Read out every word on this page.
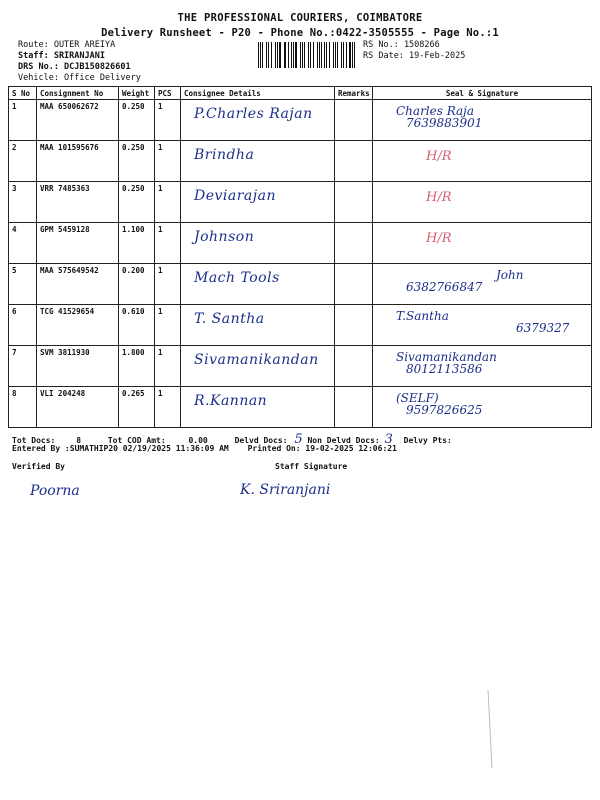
THE PROFESSIONAL COURIERS, COIMBATORE
Delivery Runsheet - P20 - Phone No.:0422-3505555 - Page No.:1
Route: OUTER AREIYA
Staff: SRIRANJANI
DRS No.: DCJB150826601
Vehicle: Office Delivery
RS No.: 1508266
RS Date: 19-Feb-2025
S No	Consignment No	Weight	PCS	Consignee Details	Remarks	Seal & Signature
1	MAA 650062672	0.250	1	P.Charles Rajan		Charles Raja
7639883901

2	MAA 101595676	0.250	1	Brindha		H/R
3	VRR 7485363	0.250	1	Deviarajan		H/R
4	GPM 5459128	1.100	1	Johnson		H/R
5	MAA 575649542	0.200	1	Mach Tools		John
6382766847

6	TCG 41529654	0.610	1	T. Santha		T.Santha
6379327

7	SVM 3811930	1.800	1	Sivamanikandan		Sivamanikandan
8012113586

8	VLI 204248	0.265	1	R.Kannan		(SELF)
9597826625
Tot Docs:	8	Tot COD Amt:	0.00	Delvd Docs: 5 Non Delvd Docs: 3 Delvy Pts:
Entered By :SUMATHIP20 02/19/2025 11:36:09 AM Printed On: 19-02-2025 12:06:21
Verified By	Staff Signature
Poorna	K. Sriranjani
